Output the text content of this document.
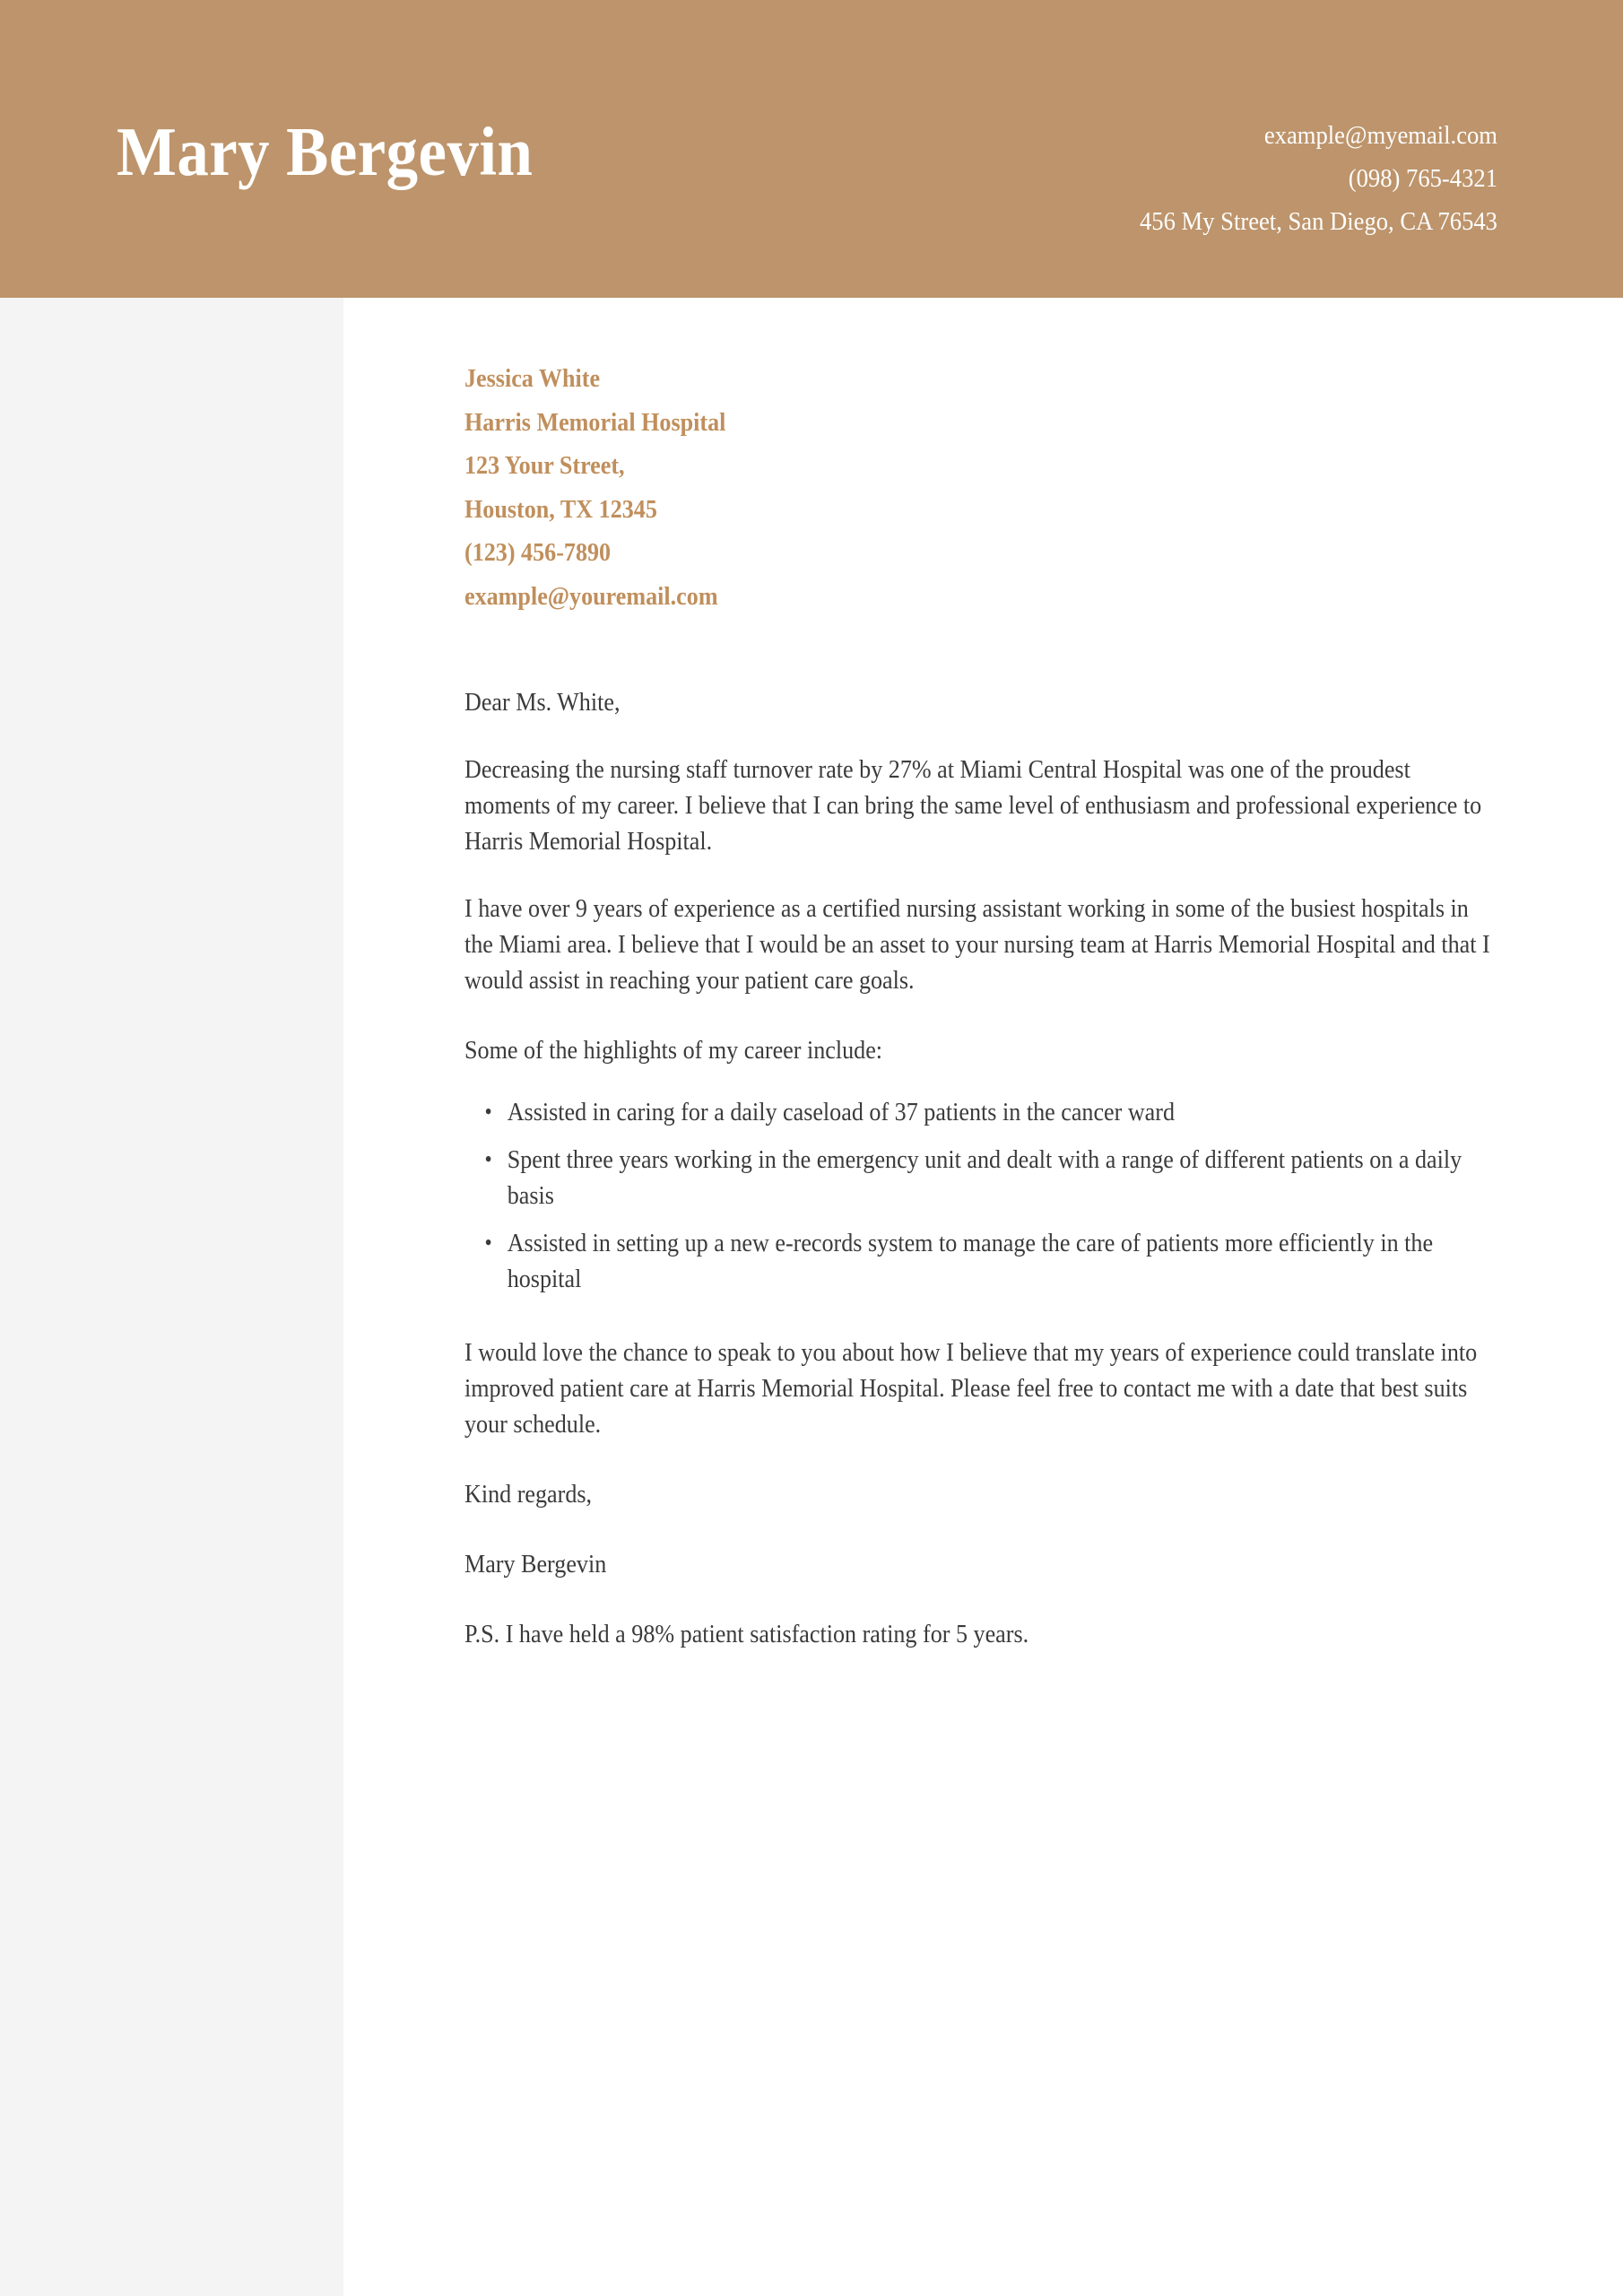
Mary Bergevin	example@myemail.com
(098) 765-4321
456 My Street, San Diego, CA 76543
Jessica White
Harris Memorial Hospital
123 Your Street,
Houston, TX 12345
(123) 456-7890
example@youremail.com

Dear Ms. White,

Decreasing the nursing staff turnover rate by 27% at Miami Central Hospital was one of the proudest moments of my career. I believe that I can bring the same level of enthusiasm and professional experience to Harris Memorial Hospital.

I have over 9 years of experience as a certified nursing assistant working in some of the busiest hospitals in the Miami area. I believe that I would be an asset to your nursing team at Harris Memorial Hospital and that I would assist in reaching your patient care goals.

Some of the highlights of my career include:

• Assisted in caring for a daily caseload of 37 patients in the cancer ward
• Spent three years working in the emergency unit and dealt with a range of different patients on a daily basis
• Assisted in setting up a new e-records system to manage the care of patients more efficiently in the hospital

I would love the chance to speak to you about how I believe that my years of experience could translate into improved patient care at Harris Memorial Hospital. Please feel free to contact me with a date that best suits your schedule.

Kind regards,

Mary Bergevin

P.S. I have held a 98% patient satisfaction rating for 5 years.
